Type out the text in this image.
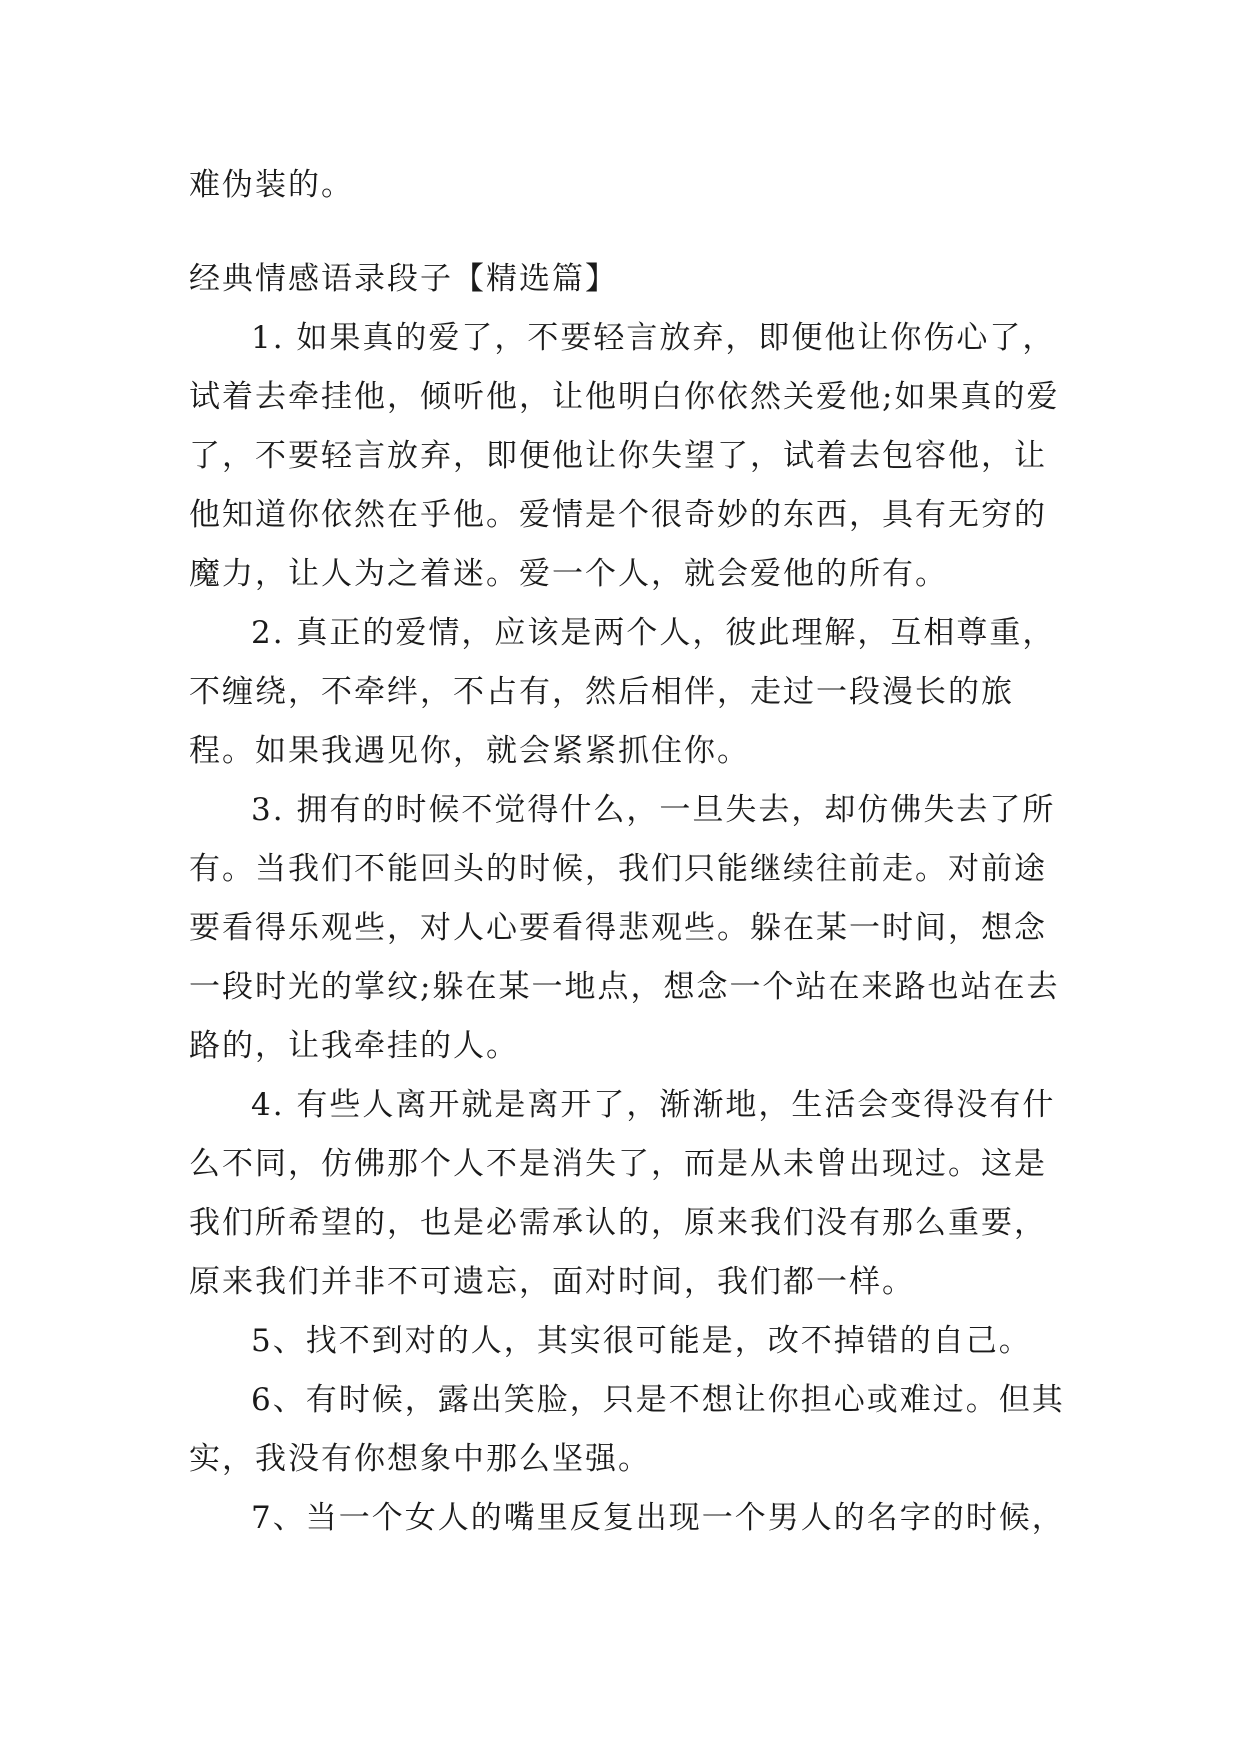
难伪装的。

经典情感语录段子【精选篇】

1. 如果真的爱了，不要轻言放弃，即便他让你伤心了，试着去牵挂他，倾听他，让他明白你依然关爱他;如果真的爱了，不要轻言放弃，即便他让你失望了，试着去包容他，让他知道你依然在乎他。爱情是个很奇妙的东西，具有无穷的魔力，让人为之着迷。爱一个人，就会爱他的所有。

2. 真正的爱情，应该是两个人，彼此理解，互相尊重，不缠绕，不牵绊，不占有，然后相伴，走过一段漫长的旅程。如果我遇见你，就会紧紧抓住你。

3. 拥有的时候不觉得什么，一旦失去，却仿佛失去了所有。当我们不能回头的时候，我们只能继续往前走。对前途要看得乐观些，对人心要看得悲观些。躲在某一时间，想念一段时光的掌纹;躲在某一地点，想念一个站在来路也站在去路的，让我牵挂的人。

4. 有些人离开就是离开了，渐渐地，生活会变得没有什么不同，仿佛那个人不是消失了，而是从未曾出现过。这是我们所希望的，也是必需承认的，原来我们没有那么重要，原来我们并非不可遗忘，面对时间，我们都一样。

5、找不到对的人，其实很可能是，改不掉错的自己。

6、有时候，露出笑脸，只是不想让你担心或难过。但其实，我没有你想象中那么坚强。

7、当一个女人的嘴里反复出现一个男人的名字的时候，
